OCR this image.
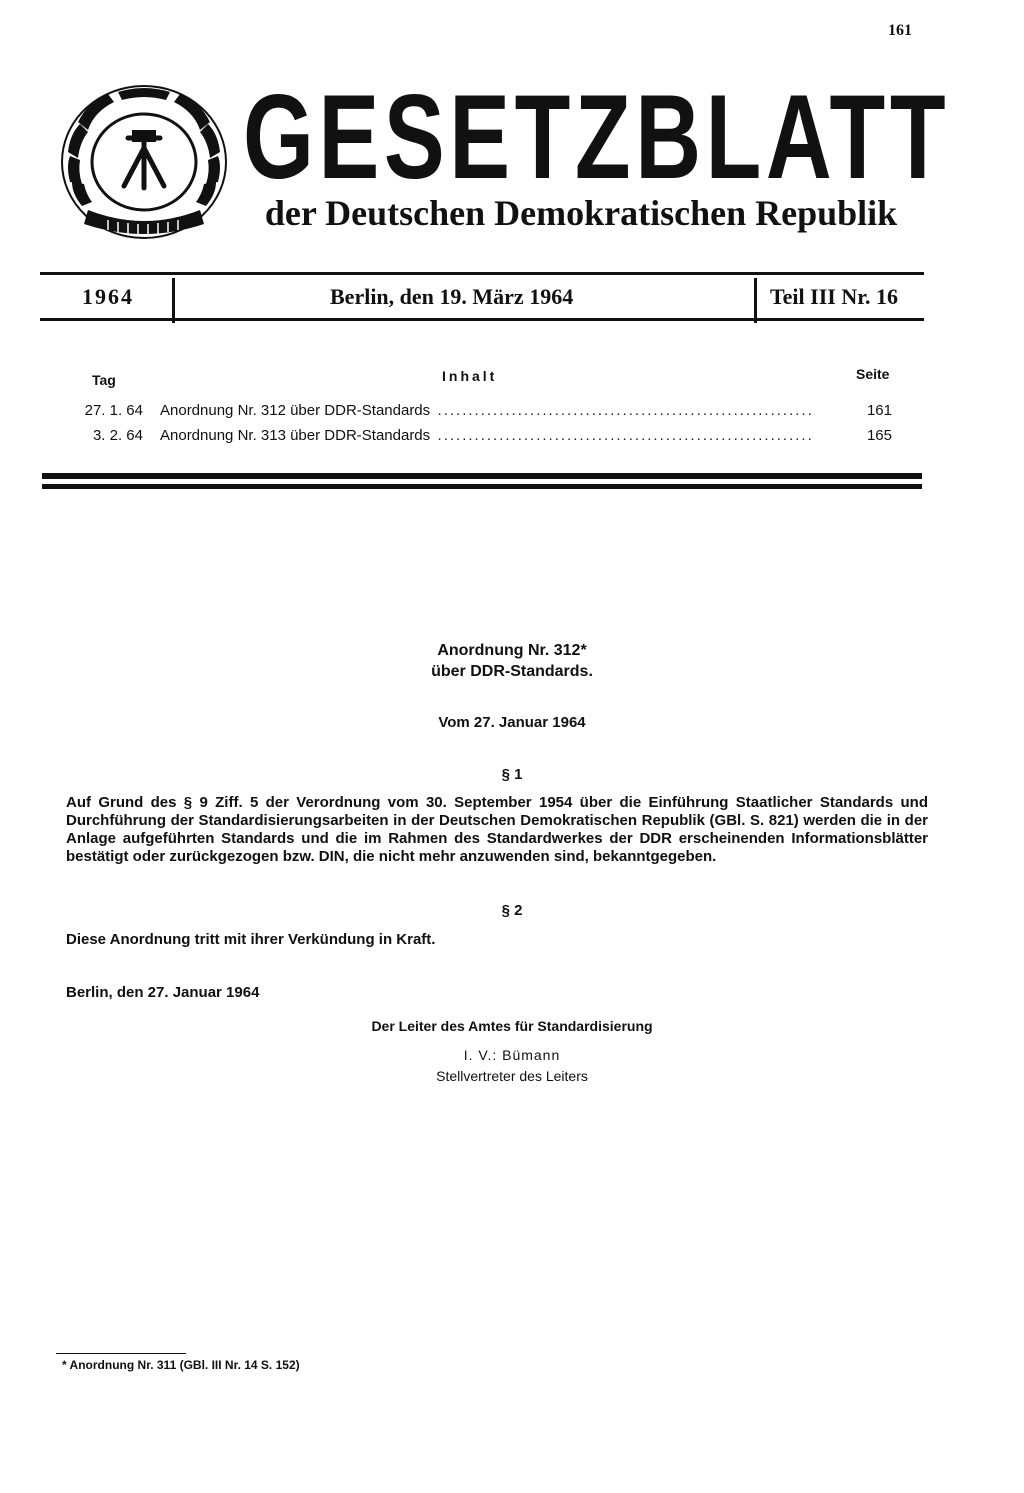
161
GESETZBLATT
der Deutschen Demokratischen Republik
1964	Berlin, den 19. März 1964	Teil III Nr. 16
Tag	Inhalt	Seite
27. 1. 64 Anordnung Nr. 312 über DDR-Standards .....	161
3. 2. 64 Anordnung Nr. 313 über DDR-Standards .....	165
Anordnung Nr. 312*
über DDR-Standards.
Vom 27. Januar 1964
§ 1
Auf Grund des § 9 Ziff. 5 der Verordnung vom 30. September 1954 über die Einführung Staatlicher Standards und Durchführung der Standardisierungsarbeiten in der Deutschen Demokratischen Republik (GBl. S. 821) werden die in der Anlage aufgeführten Standards und die im Rahmen des Standardwerkes der DDR erscheinenden Informationsblätter bestätigt oder zurückgezogen bzw. DIN, die nicht mehr anzuwenden sind, bekanntgegeben.
§ 2
Diese Anordnung tritt mit ihrer Verkündung in Kraft.
Berlin, den 27. Januar 1964
Der Leiter des Amtes für Standardisierung
I. V.: Bümann
Stellvertreter des Leiters
* Anordnung Nr. 311 (GBl. III Nr. 14 S. 152)
